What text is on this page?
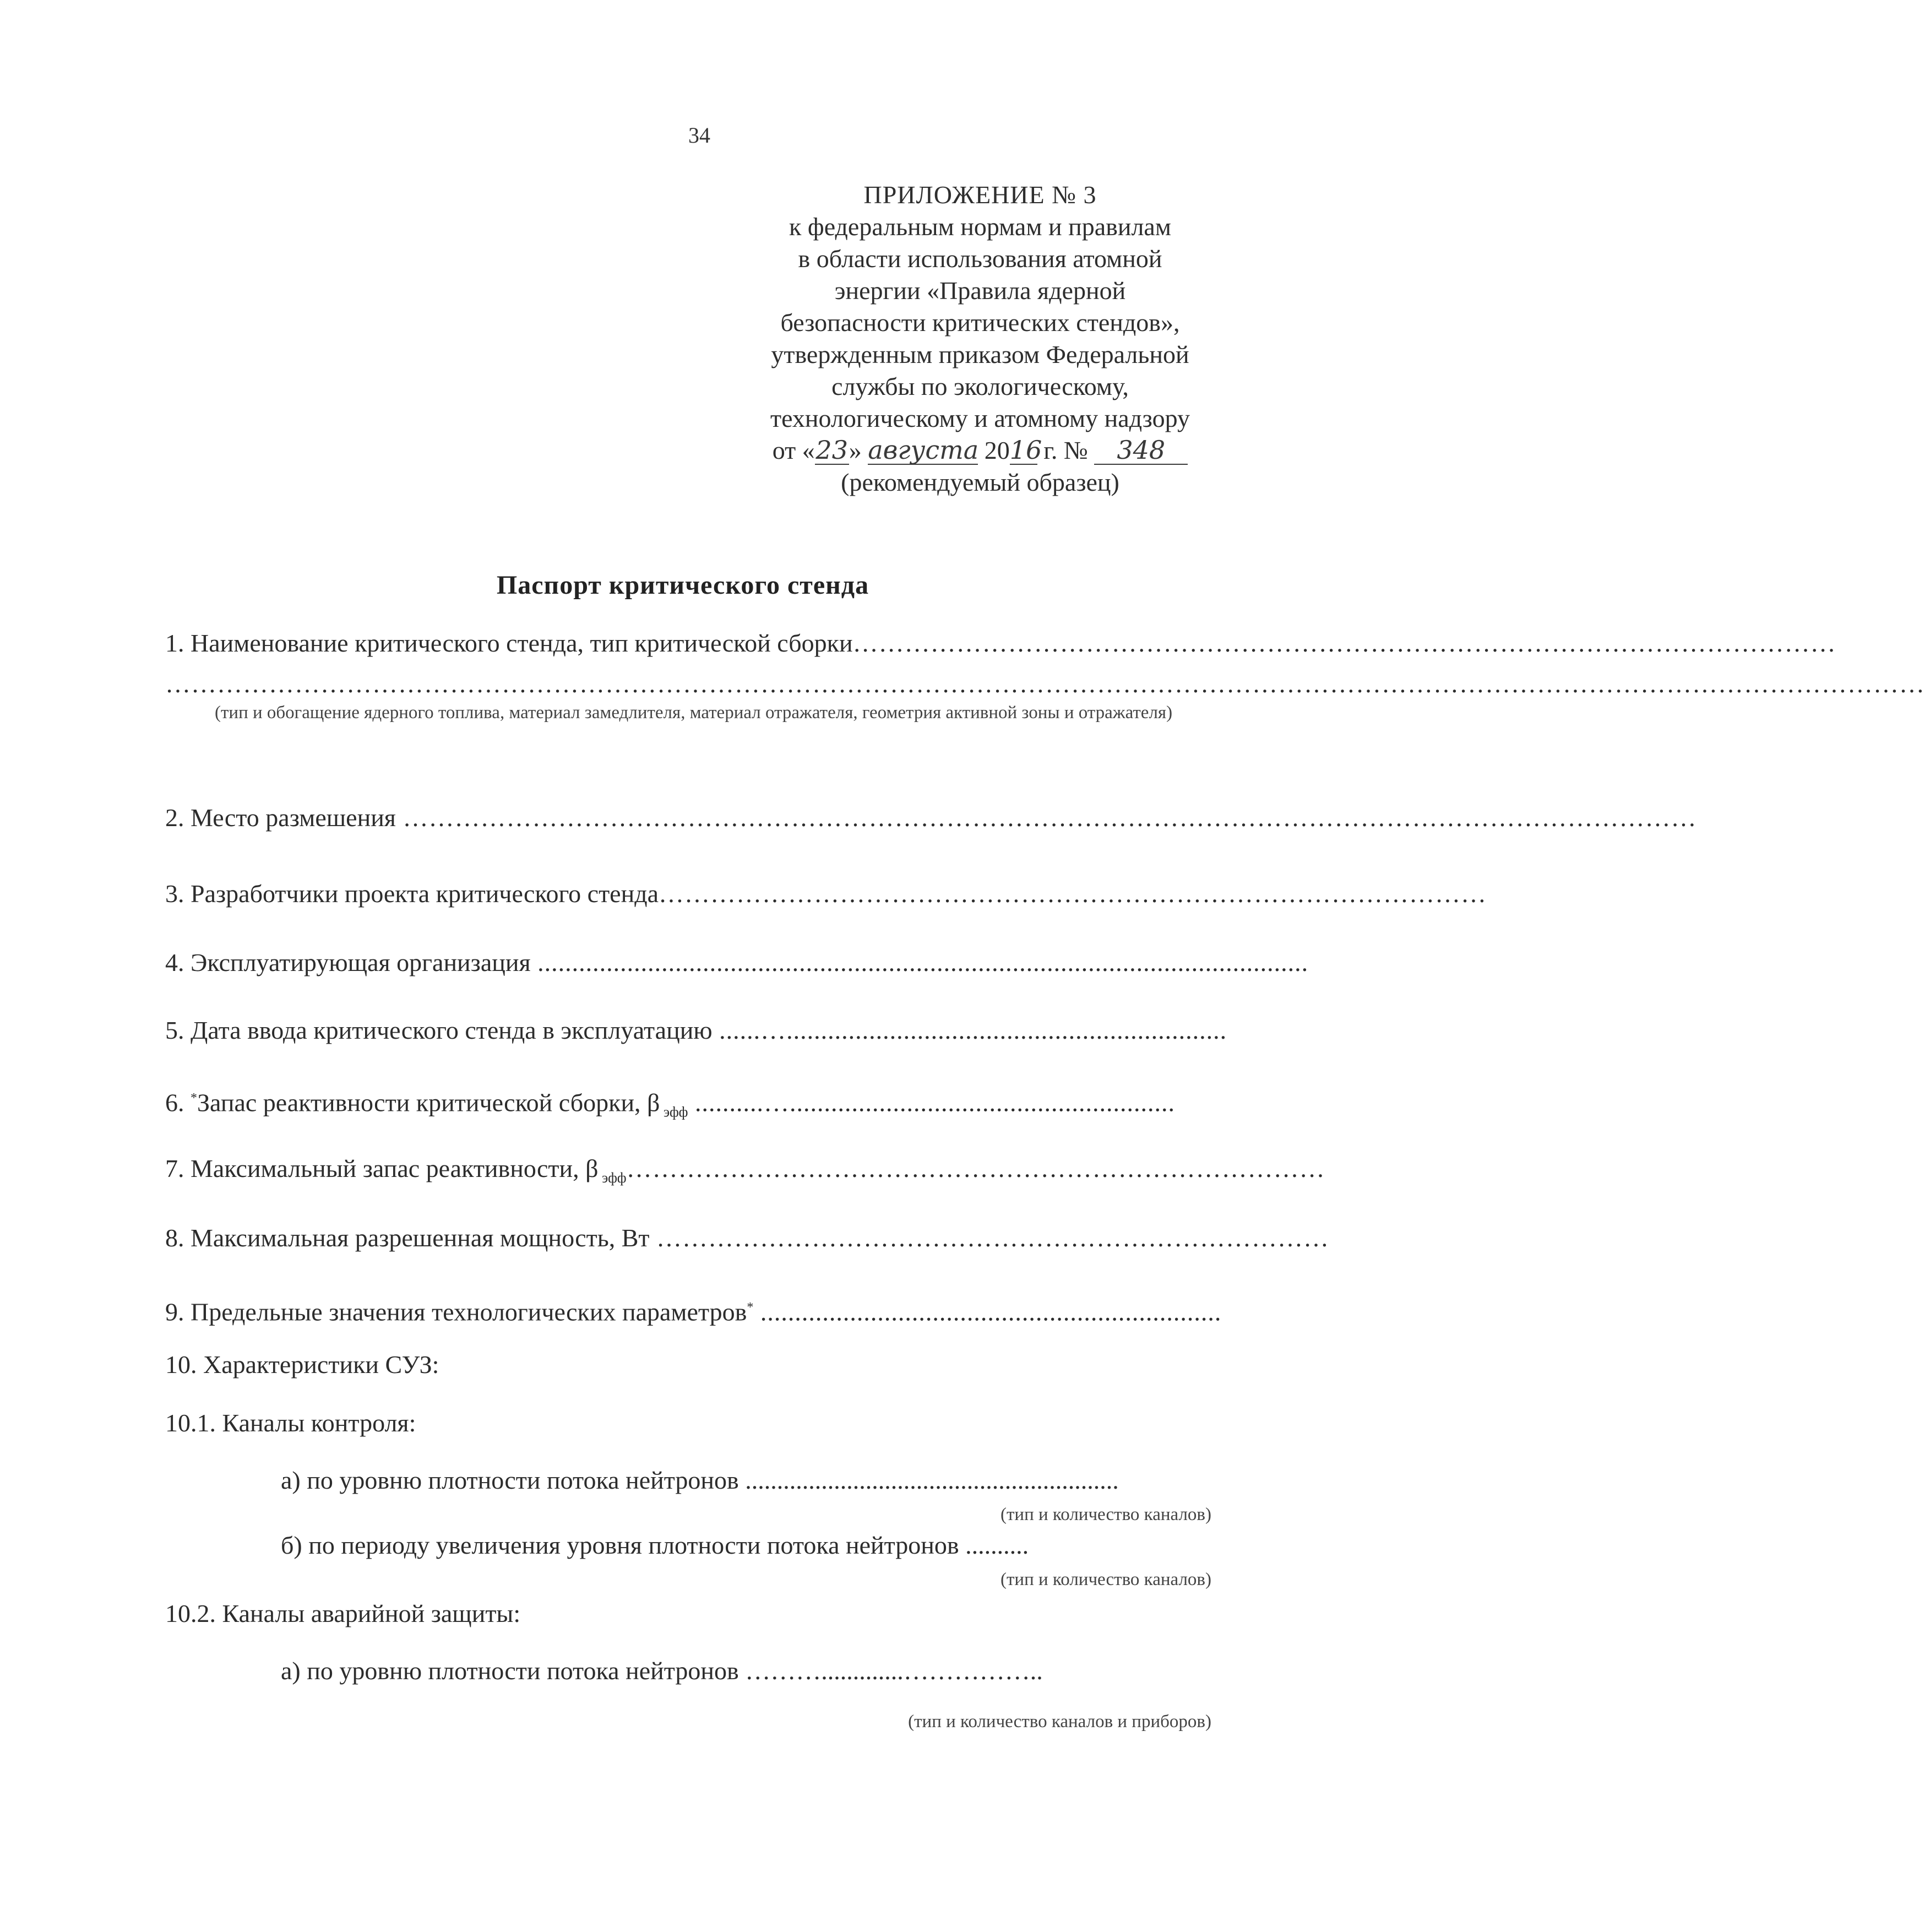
34
ПРИЛОЖЕНИЕ № 3
к федеральным нормам и правилам
в области использования атомной
энергии «Правила ядерной
безопасности критических стендов»,
утвержденным приказом Федеральной
службы по экологическому,
технологическому и атомному надзору
от «23» августа 2016 г. № 348
(рекомендуемый образец)
Паспорт критического стенда
1. Наименование критического стенда, тип критической сборки……………………………………………………………………………………………………
……………………………………………………………………………………………………………………………………………………………………………………
(тип и обогащение ядерного топлива, материал замедлителя, материал отражателя, геометрия активной зоны и отражателя)
2. Место размешения ……………………………………………………………………………………………………………………………………
3. Разработчики проекта критического стенда……………………………………………………………………………………
4. Эксплуатирующая организация ................................................................................................................
5. Дата ввода критического стенда в эксплуатацию ......…................................................................
6. *Запас реактивности критической сборки, β $_{эфф}$ ..........…........................................................
7. Максимальный запас реактивности, β $_{эфф}$………………………………………………………………………
8. Максимальная разрешенная мощность, Вт ……………………………………………………………………
9. Предельные значения технологических параметров* ...................................................................
10. Характеристики СУЗ:
10.1. Каналы контроля:
а) по уровню плотности потока нейтронов ...........................................................
(тип и количество каналов)
б) по периоду увеличения уровня плотности потока нейтронов ..........
(тип и количество каналов)
10.2. Каналы аварийной защиты:
а) по уровню плотности потока нейтронов ……….............……………..
(тип и количество каналов и приборов)
